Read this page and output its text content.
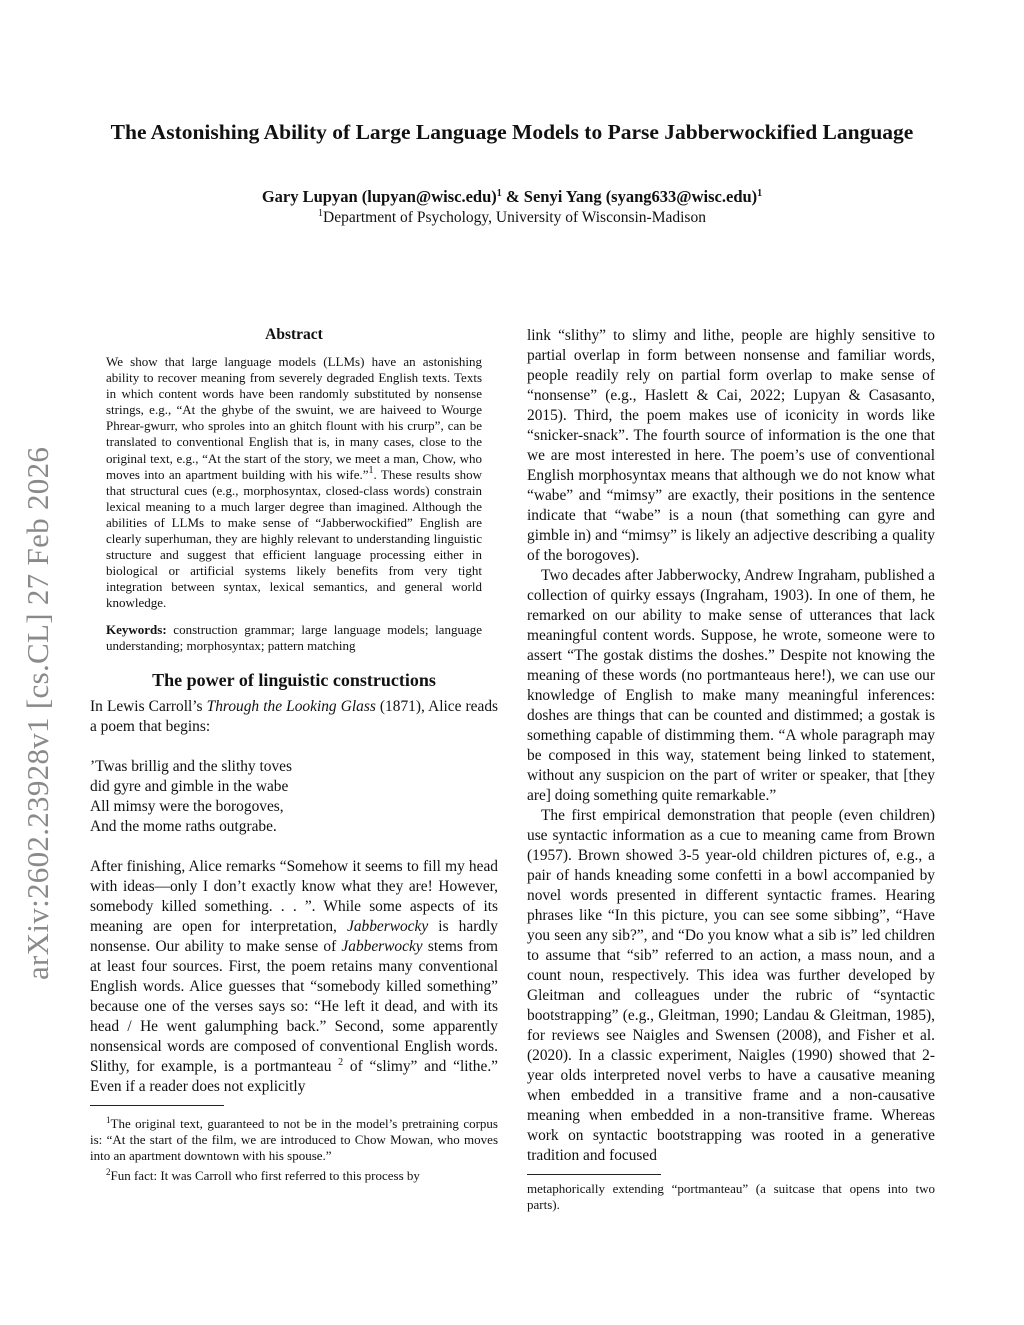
arXiv:2602.23928v1 [cs.CL] 27 Feb 2026
The Astonishing Ability of Large Language Models to Parse Jabberwockified Language
Gary Lupyan (lupyan@wisc.edu)$^1$ & Senyi Yang (syang633@wisc.edu)$^1$
$^1$Department of Psychology, University of Wisconsin-Madison
Abstract

We show that large language models (LLMs) have an astonishing ability to recover meaning from severely degraded English texts. Texts in which content words have been randomly substituted by nonsense strings, e.g., “At the ghybe of the swuint, we are haiveed to Wourge Phrear-gwurr, who sproles into an ghitch flount with his crurp”, can be translated to conventional English that is, in many cases, close to the original text, e.g., “At the start of the story, we meet a man, Chow, who moves into an apartment building with his wife.”$^1$. These results show that structural cues (e.g., morphosyntax, closed-class words) constrain lexical meaning to a much larger degree than imagined. Although the abilities of LLMs to make sense of “Jabberwockified” English are clearly superhuman, they are highly relevant to understanding linguistic structure and suggest that efficient language processing either in biological or artificial systems likely benefits from very tight integration between syntax, lexical semantics, and general world knowledge.

Keywords: construction grammar; large language models; language understanding; morphosyntax; pattern matching

The power of linguistic constructions

In Lewis Carroll’s Through the Looking Glass (1871), Alice reads a poem that begins:

’Twas brillig and the slithy toves
did gyre and gimble in the wabe
All mimsy were the borogoves,
And the mome raths outgrabe.

After finishing, Alice remarks “Somehow it seems to fill my head with ideas—only I don’t exactly know what they are! However, somebody killed something. . . ”. While some aspects of its meaning are open for interpretation, Jabberwocky is hardly nonsense. Our ability to make sense of Jabberwocky stems from at least four sources. First, the poem retains many conventional English words. Alice guesses that “somebody killed something” because one of the verses says so: “He left it dead, and with its head / He went galumphing back.” Second, some apparently nonsensical words are composed of conventional English words. Slithy, for example, is a portmanteau $^2$ of “slimy” and “lithe.” Even if a reader does not explicitly

$^1$The original text, guaranteed to not be in the model’s pretraining corpus is: “At the start of the film, we are introduced to Chow Mowan, who moves into an apartment downtown with his spouse.”

$^2$Fun fact: It was Carroll who first referred to this process by

link “slithy” to slimy and lithe, people are highly sensitive to partial overlap in form between nonsense and familiar words, people readily rely on partial form overlap to make sense of “nonsense” (e.g., Haslett & Cai, 2022; Lupyan & Casasanto, 2015). Third, the poem makes use of iconicity in words like “snicker-snack”. The fourth source of information is the one that we are most interested in here. The poem’s use of conventional English morphosyntax means that although we do not know what “wabe” and “mimsy” are exactly, their positions in the sentence indicate that “wabe” is a noun (that something can gyre and gimble in) and “mimsy” is likely an adjective describing a quality of the borogoves).

Two decades after Jabberwocky, Andrew Ingraham, published a collection of quirky essays (Ingraham, 1903). In one of them, he remarked on our ability to make sense of utterances that lack meaningful content words. Suppose, he wrote, someone were to assert “The gostak distims the doshes.” Despite not knowing the meaning of these words (no portmanteaus here!), we can use our knowledge of English to make many meaningful inferences: doshes are things that can be counted and distimmed; a gostak is something capable of distimming them. “A whole paragraph may be composed in this way, statement being linked to statement, without any suspicion on the part of writer or speaker, that [they are] doing something quite remarkable.”

The first empirical demonstration that people (even children) use syntactic information as a cue to meaning came from Brown (1957). Brown showed 3-5 year-old children pictures of, e.g., a pair of hands kneading some confetti in a bowl accompanied by novel words presented in different syntactic frames. Hearing phrases like “In this picture, you can see some sibbing”, “Have you seen any sib?”, and “Do you know what a sib is” led children to assume that “sib” referred to an action, a mass noun, and a count noun, respectively. This idea was further developed by Gleitman and colleagues under the rubric of “syntactic bootstrapping” (e.g., Gleitman, 1990; Landau & Gleitman, 1985), for reviews see Naigles and Swensen (2008), and Fisher et al. (2020). In a classic experiment, Naigles (1990) showed that 2-year olds interpreted novel verbs to have a causative meaning when embedded in a transitive frame and a non-causative meaning when embedded in a non-transitive frame. Whereas work on syntactic bootstrapping was rooted in a generative tradition and focused

metaphorically extending “portmanteau” (a suitcase that opens into two parts).
